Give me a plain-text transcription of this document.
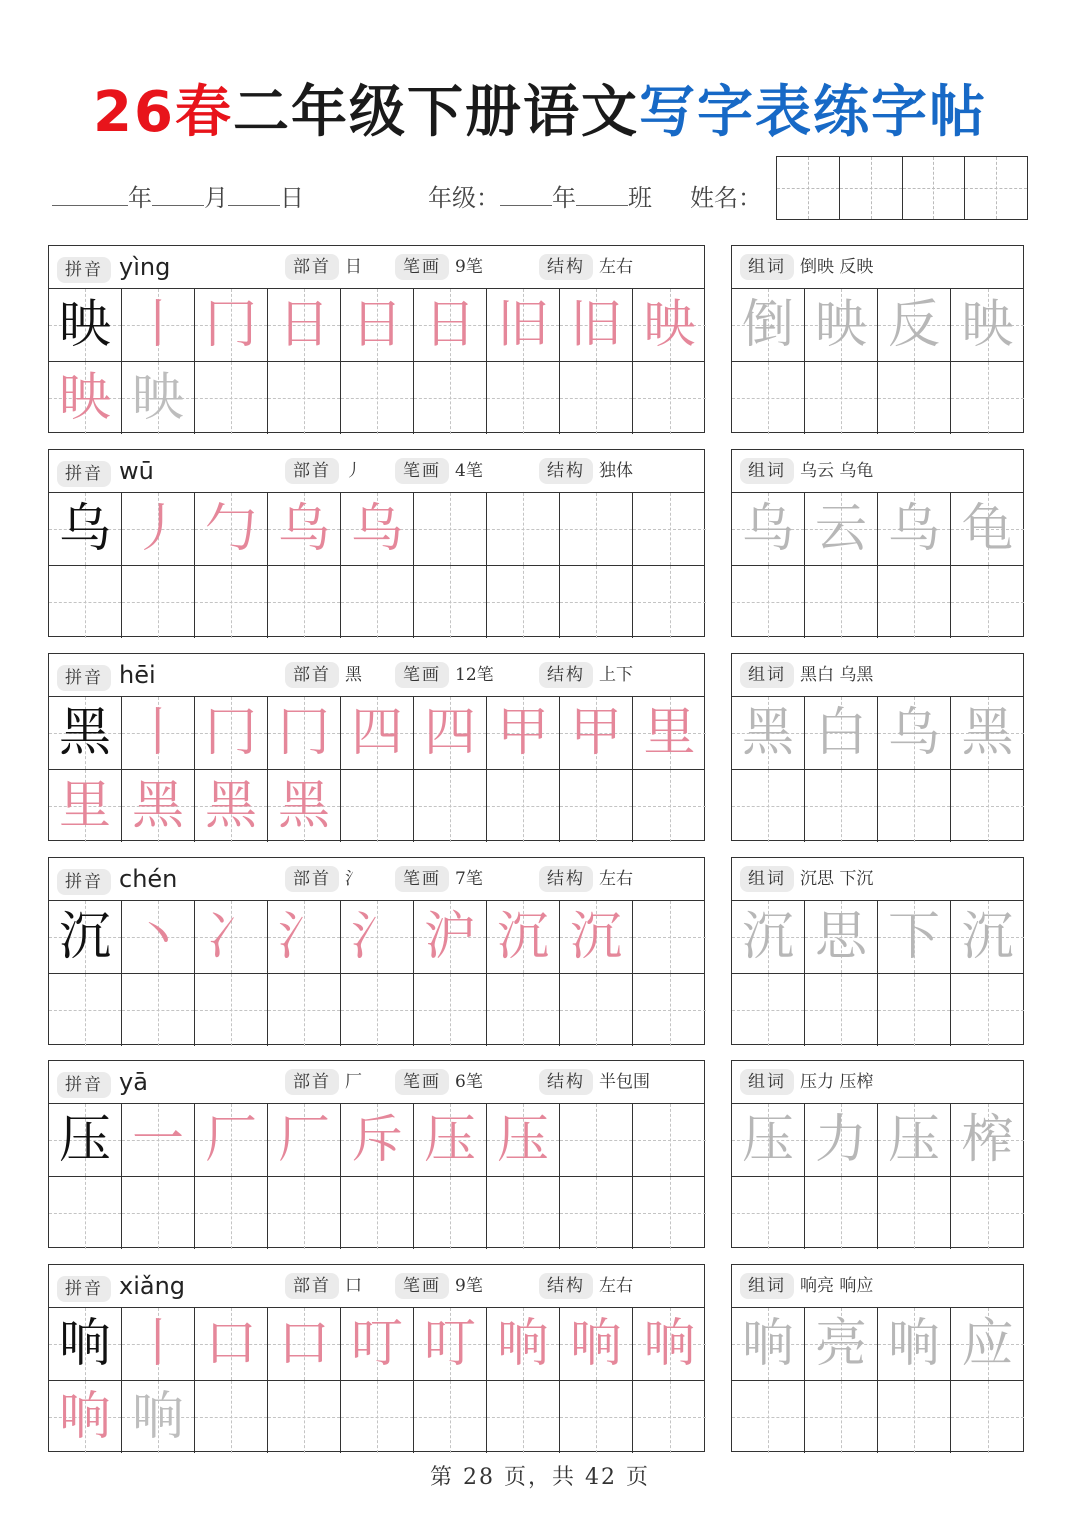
26春二年级下册语文写字表练字帖
年 月 日	年级： 年 班 姓名：
拼音 yìng	部首 日	笔画 9笔	结构 左右
映 丨 冂 日 日 日 旧 旧 映
映 映
组词 倒映 反映
倒 映 反 映
拼音 wū	部首 丿	笔画 4笔	结构 独体
乌 丿 勹 乌 乌
组词 乌云 乌龟
乌 云 乌 龟
拼音 hēi	部首 黑	笔画 12笔	结构 上下
黑 丨 冂 冂 四 四 甲 甲 里
里 黑 黑 黑
组词 黑白 乌黑
黑 白 乌 黑
拼音 chén	部首 氵	笔画 7笔	结构 左右
沉 丶 冫 氵 氵 沪 沉 沉
组词 沉思 下沉
沉 思 下 沉
拼音 yā	部首 厂	笔画 6笔	结构 半包围
压 一 厂 厂 斥 压 压
组词 压力 压榨
压 力 压 榨
拼音 xiǎng	部首 口	笔画 9笔	结构 左右
响 丨 口 口 叮 叮 响 响 响
响 响
组词 响亮 响应
响 亮 响 应
第 28 页，共 42 页
